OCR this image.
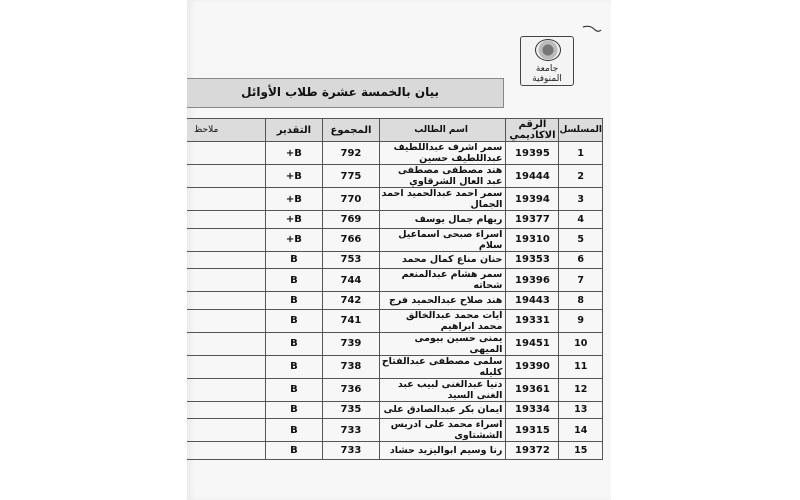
جامعة المنوفية
بيان بالخمسة عشرة طلاب الأوائل
المسلسل	الرقم الاكاديمي	اسم الطالب	المجموع	التقدير	ملاحظ
1	19395	سمر اشرف عبداللطيف عبداللطيف حسين	792	B+	
2	19444	هند مصطفى مصطفى عبد العال الشرقاوي	775	B+	
3	19394	سمر احمد عبدالحميد احمد الجمال	770	B+	
4	19377	ريهام جمال يوسف	769	B+	
5	19310	اسراء صبحى اسماعيل سلام	766	B+	
6	19353	حنان مناع كمال محمد	753	B	
7	19396	سمر هشام عبدالمنعم شحاته	744	B	
8	19443	هند صلاح عبدالحميد فرج	742	B	
9	19331	ايات محمد عبدالخالق محمد ابراهيم	741	B	
10	19451	يمنى حسين بيومى الميهى	739	B	
11	19390	سلمى مصطفى عبدالفتاح كليله	738	B	
12	19361	دنيا عبدالغنى لبيب عبد الغنى السيد	736	B	
13	19334	ايمان بكر عبدالصادق على	735	B	
14	19315	اسراء محمد على ادريس الششتاوى	733	B	
15	19372	رنا وسيم ابواليزيد حشاد	733	B	
